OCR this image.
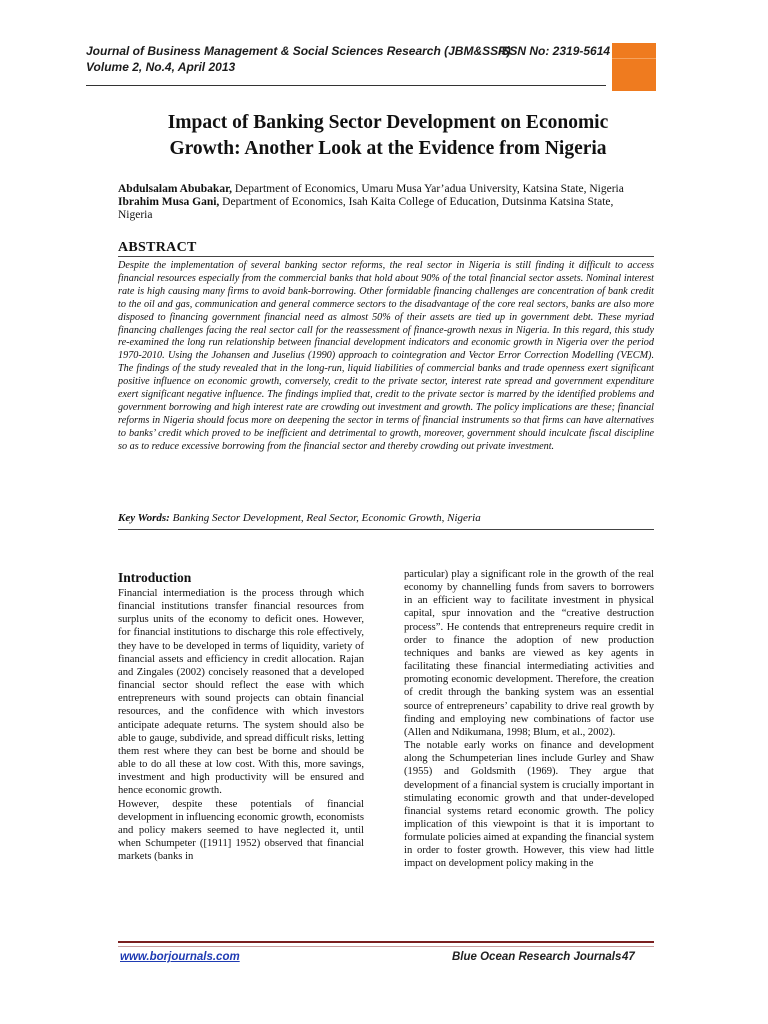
Journal of Business Management & Social Sciences Research (JBM&SSR)
Volume 2, No.4, April 2013
ISSN No: 2319-5614
Impact of Banking Sector Development on Economic
Growth: Another Look at the Evidence from Nigeria
Abdulsalam Abubakar, Department of Economics, Umaru Musa Yar’adua University, Katsina State, Nigeria
Ibrahim Musa Gani, Department of Economics, Isah Kaita College of Education, Dutsinma Katsina State, Nigeria
ABSTRACT
Despite the implementation of several banking sector reforms, the real sector in Nigeria is still finding it difficult to access financial resources especially from the commercial banks that hold about 90% of the total financial sector assets. Nominal interest rate is high causing many firms to avoid bank-borrowing. Other formidable financing challenges are concentration of bank credit to the oil and gas, communication and general commerce sectors to the disadvantage of the core real sectors, banks are also more disposed to financing government financial need as almost 50% of their assets are tied up in government debt. These myriad financing challenges facing the real sector call for the reassessment of finance-growth nexus in Nigeria. In this regard, this study re-examined the long run relationship between financial development indicators and economic growth in Nigeria over the period 1970-2010. Using the Johansen and Juselius (1990) approach to cointegration and Vector Error Correction Modelling (VECM). The findings of the study revealed that in the long-run, liquid liabilities of commercial banks and trade openness exert significant positive influence on economic growth, conversely, credit to the private sector, interest rate spread and government expenditure exert significant negative influence. The findings implied that, credit to the private sector is marred by the identified problems and government borrowing and high interest rate are crowding out investment and growth. The policy implications are these; financial reforms in Nigeria should focus more on deepening the sector in terms of financial instruments so that firms can have alternatives to banks’ credit which proved to be inefficient and detrimental to growth, moreover, government should inculcate fiscal discipline so as to reduce excessive borrowing from the financial sector and thereby crowding out private investment.
Key Words: Banking Sector Development, Real Sector, Economic Growth, Nigeria
Introduction

Financial intermediation is the process through which financial institutions transfer financial resources from surplus units of the economy to deficit ones. However, for financial institutions to discharge this role effectively, they have to be developed in terms of liquidity, variety of financial assets and efficiency in credit allocation. Rajan and Zingales (2002) concisely reasoned that a developed financial sector should reflect the ease with which entrepreneurs with sound projects can obtain financial resources, and the confidence with which investors anticipate adequate returns. The system should also be able to gauge, subdivide, and spread difficult risks, letting them rest where they can best be borne and should be able to do all these at low cost. With this, more savings, investment and high productivity will be ensured and hence economic growth.

However, despite these potentials of financial development in influencing economic growth, economists and policy makers seemed to have neglected it, until when Schumpeter ([1911] 1952) observed that financial markets (banks in

particular) play a significant role in the growth of the real economy by channelling funds from savers to borrowers in an efficient way to facilitate investment in physical capital, spur innovation and the “creative destruction process”. He contends that entrepreneurs require credit in order to finance the adoption of new production techniques and banks are viewed as key agents in facilitating these financial intermediating activities and promoting economic development. Therefore, the creation of credit through the banking system was an essential source of entrepreneurs’ capability to drive real growth by finding and employing new combinations of factor use (Allen and Ndikumana, 1998; Blum, et al., 2002).

The notable early works on finance and development along the Schumpeterian lines include Gurley and Shaw (1955) and Goldsmith (1969). They argue that development of a financial system is crucially important in stimulating economic growth and that under-developed financial systems retard economic growth. The policy implication of this viewpoint is that it is important to formulate policies aimed at expanding the financial system in order to foster growth. However, this view had little impact on development policy making in the

www.borjournals.com	Blue Ocean Research Journals 47
